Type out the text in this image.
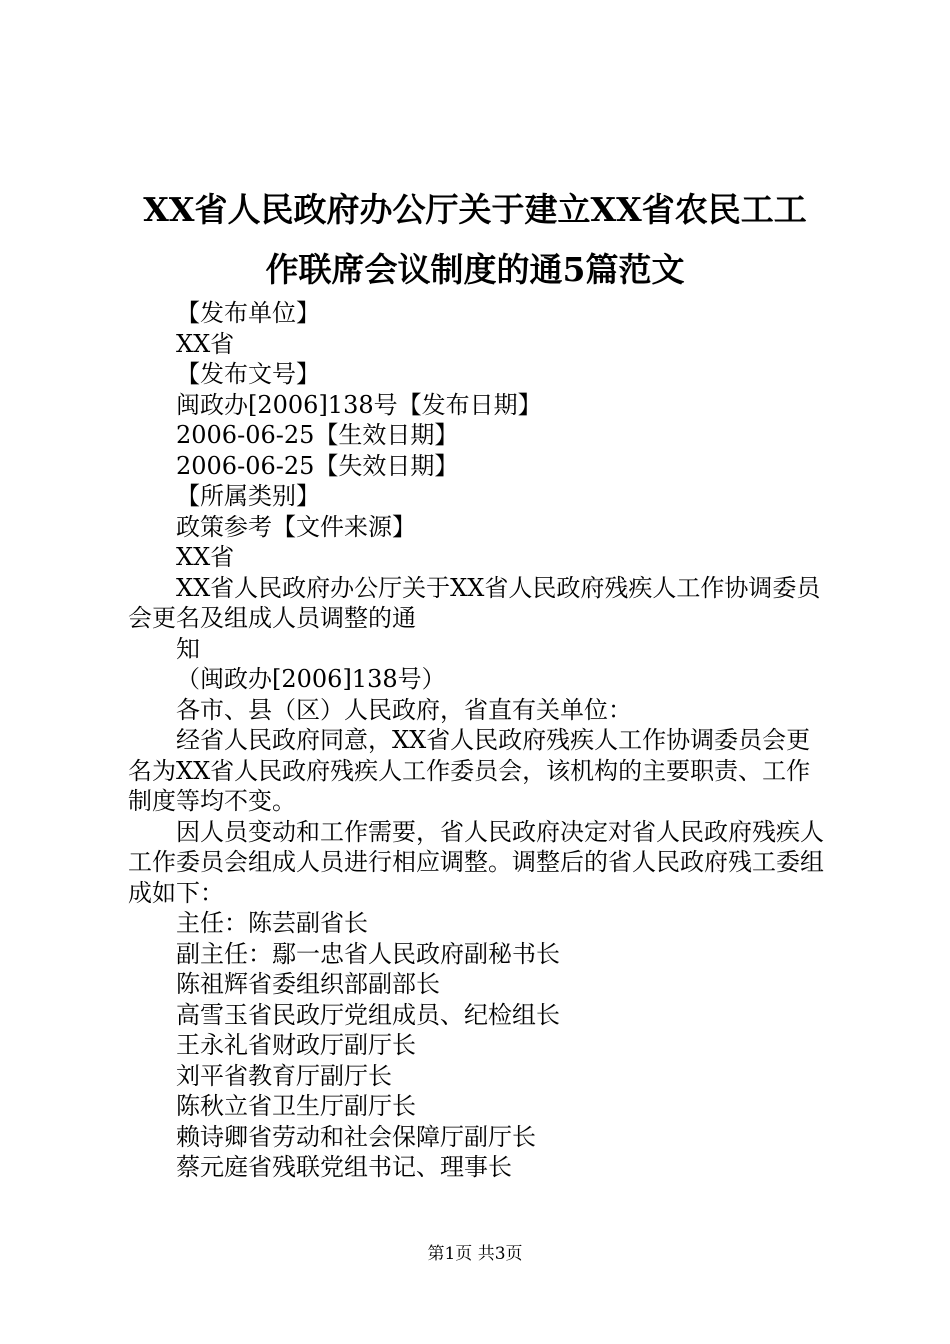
XX省人民政府办公厅关于建立XX省农民工工
作联席会议制度的通5篇范文

【发布单位】

XX省

【发布文号】

闽政办[2006]138号【发布日期】

2006-06-25【生效日期】

2006-06-25【失效日期】

【所属类别】

政策参考【文件来源】

XX省

XX省人民政府办公厅关于XX省人民政府残疾人工作协调委员会更名及组成人员调整的通

知

（闽政办[2006]138号）

各市、县（区）人民政府，省直有关单位：

经省人民政府同意，XX省人民政府残疾人工作协调委员会更名为XX省人民政府残疾人工作委员会，该机构的主要职责、工作制度等均不变。

因人员变动和工作需要，省人民政府决定对省人民政府残疾人工作委员会组成人员进行相应调整。调整后的省人民政府残工委组成如下：

主任：陈芸副省长

副主任：鄢一忠省人民政府副秘书长

陈祖辉省委组织部副部长

高雪玉省民政厅党组成员、纪检组长

王永礼省财政厅副厅长

刘平省教育厅副厅长

陈秋立省卫生厅副厅长

赖诗卿省劳动和社会保障厅副厅长

蔡元庭省残联党组书记、理事长

第1页 共3页
